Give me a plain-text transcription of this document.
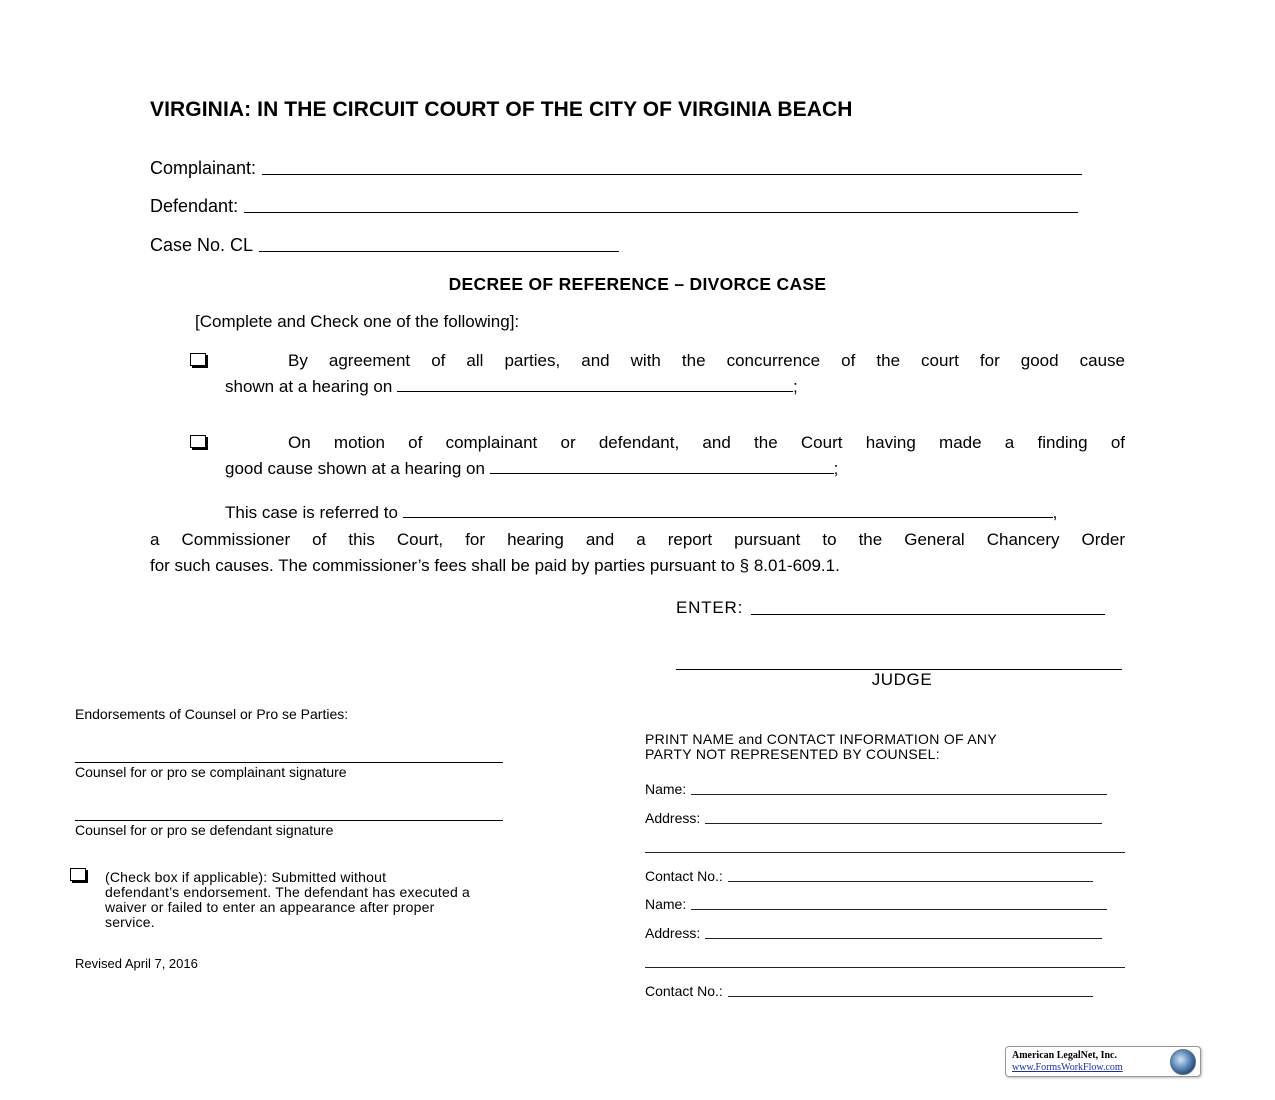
VIRGINIA: IN THE CIRCUIT COURT OF THE CITY OF VIRGINIA BEACH
Complainant:
Defendant:
Case No. CL
DECREE OF REFERENCE – DIVORCE CASE
[Complete and Check one of the following]:
By agreement of all parties, and with the concurrence of the court for good cause
shown at a hearing on	;
On motion of complainant or defendant, and the Court having made a finding of
good cause shown at a hearing on	;
This case is referred to	,
a Commissioner of this Court, for hearing and a report pursuant to the General Chancery Order
for such causes. The commissioner’s fees shall be paid by parties pursuant to § 8.01-609.1.
ENTER:
JUDGE
Endorsements of Counsel or Pro se Parties:
Counsel for or pro se complainant signature
Counsel for or pro se defendant signature
(Check box if applicable): Submitted without
defendant’s endorsement. The defendant has executed a
waiver or failed to enter an appearance after proper
service.
Revised April 7, 2016
PRINT NAME and CONTACT INFORMATION OF ANY
PARTY NOT REPRESENTED BY COUNSEL:
Name:
Address:
Contact No.:
Name:
Address:
Contact No.:
American LegalNet, Inc.
www.FormsWorkFlow.com
